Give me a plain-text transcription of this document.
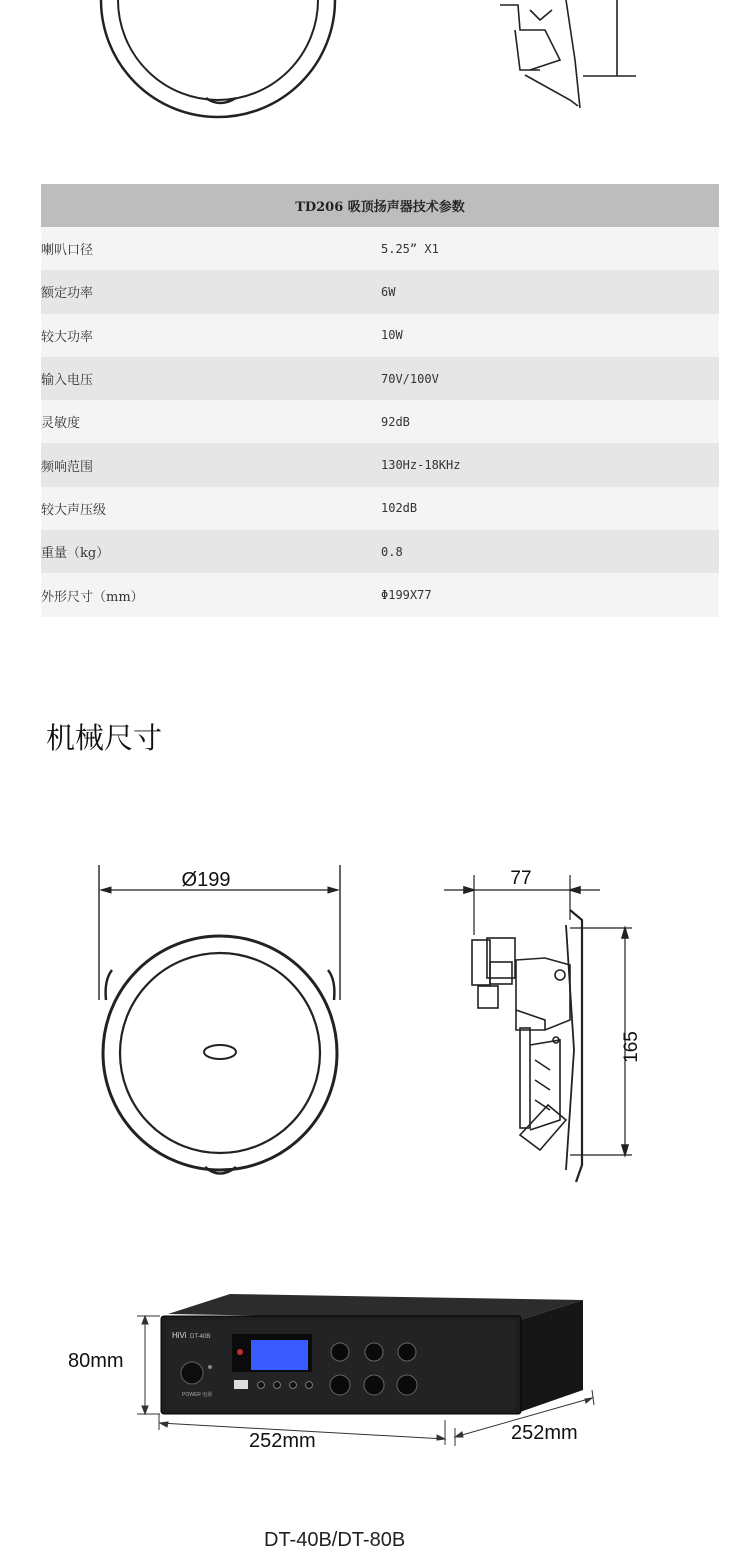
TD206 吸顶扬声器技术参数	
喇叭口径	5.25” X1
额定功率	6W
较大功率	10W
输入电压	70V/100V
灵敏度	92dB
频响范围	130Hz-18KHz
较大声压级	102dB
重量（kg）	0.8
外形尺寸（mm）	Φ199X77
机械尺寸
Ø199	77
165
HiVi DT-40B
POWER 电源
80mm
252mm	252mm
DT-40B/DT-80B
